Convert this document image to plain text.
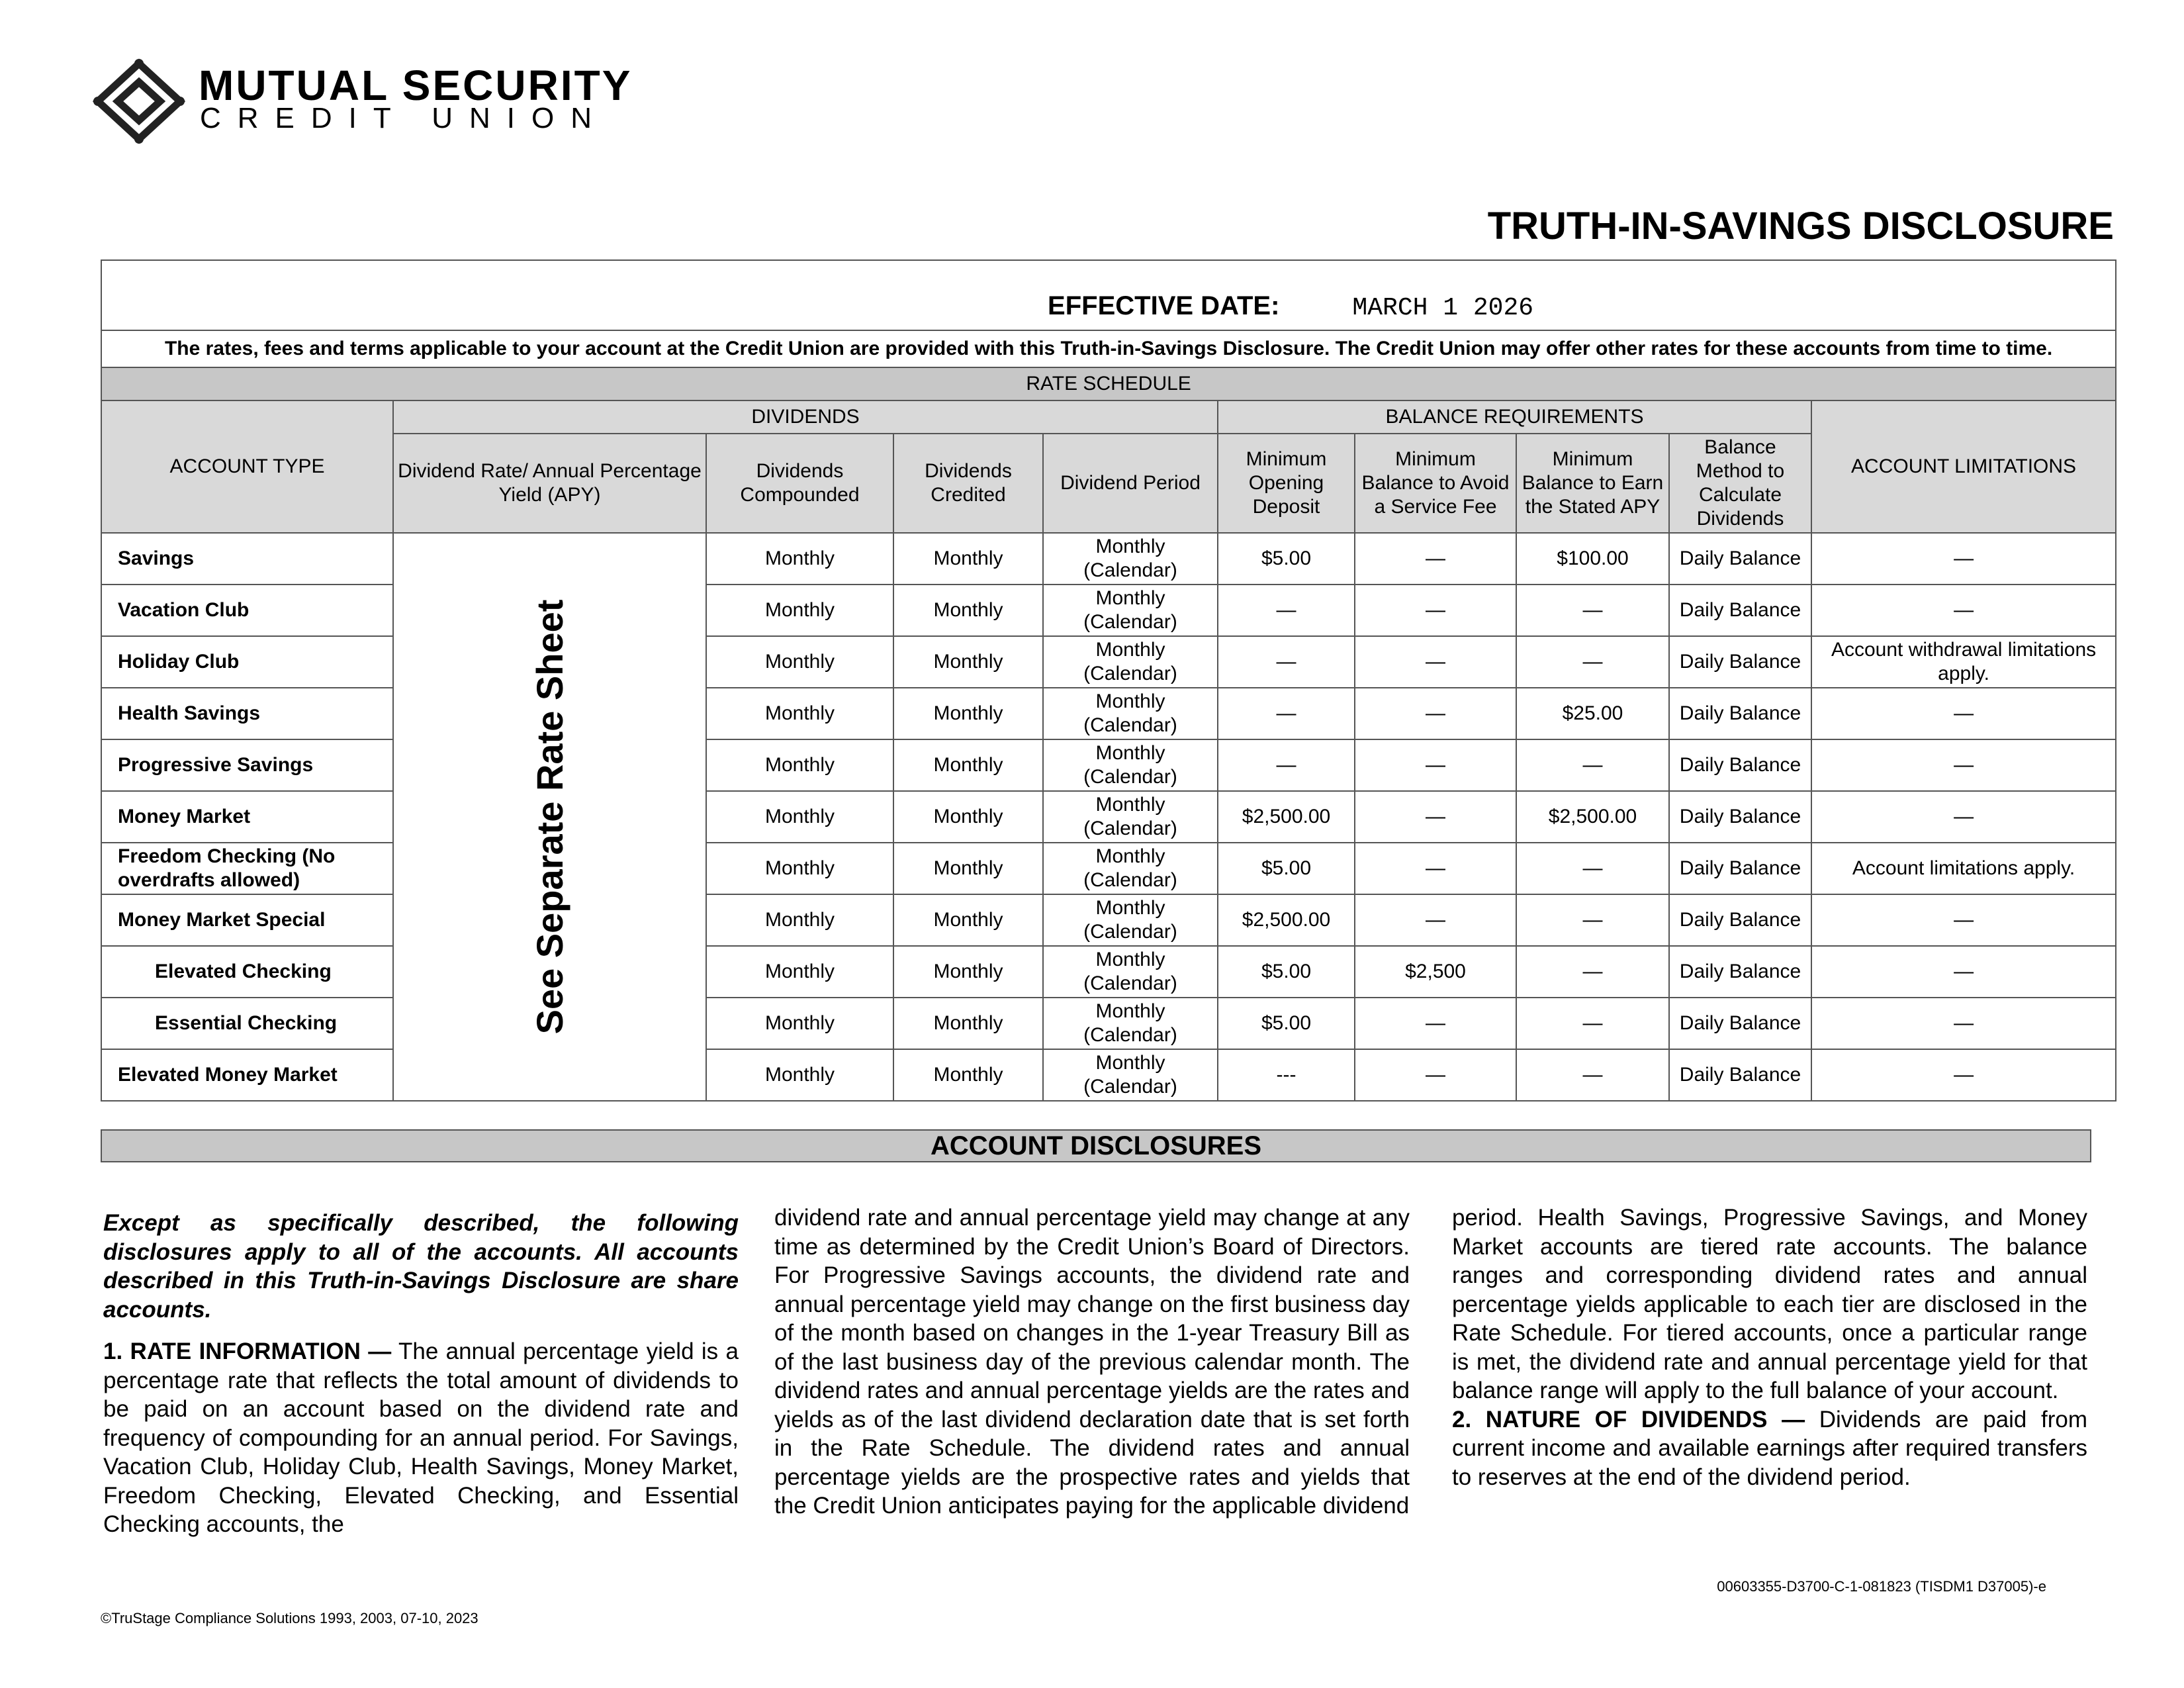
MUTUAL SECURITY
CREDIT UNION
TRUTH-IN-SAVINGS DISCLOSURE
EFFECTIVE DATE: MARCH 1 2026									

The rates, fees and terms applicable to your account at the Credit Union are provided with this Truth-in-Savings Disclosure. The Credit Union may offer other rates for these accounts from time to time.									
RATE SCHEDULE									
ACCOUNT TYPE	DIVIDENDS				BALANCE REQUIREMENTS				ACCOUNT LIMITATIONS
	Dividend Rate/ Annual Percentage Yield (APY)	Dividends Compounded	Dividends Credited	Dividend Period	Minimum Opening Deposit	Minimum Balance to Avoid a Service Fee	Minimum Balance to Earn the Stated APY	Balance Method to Calculate Dividends	
Savings	See Separate Rate Sheet	Monthly	Monthly	Monthly (Calendar)	$5.00	—	$100.00	Daily Balance	—
Vacation Club		Monthly	Monthly	Monthly (Calendar)	—	—	—	Daily Balance	—
Holiday Club		Monthly	Monthly	Monthly (Calendar)	—	—	—	Daily Balance	Account withdrawal limitations apply.
Health Savings		Monthly	Monthly	Monthly (Calendar)	—	—	$25.00	Daily Balance	—
Progressive Savings		Monthly	Monthly	Monthly (Calendar)	—	—	—	Daily Balance	—
Money Market		Monthly	Monthly	Monthly (Calendar)	$2,500.00	—	$2,500.00	Daily Balance	—
Freedom Checking (No overdrafts allowed)		Monthly	Monthly	Monthly (Calendar)	$5.00	—	—	Daily Balance	Account limitations apply.
Money Market Special		Monthly	Monthly	Monthly (Calendar)	$2,500.00	—	—	Daily Balance	—
Elevated Checking		Monthly	Monthly	Monthly (Calendar)	$5.00	$2,500	—	Daily Balance	—
Essential Checking		Monthly	Monthly	Monthly (Calendar)	$5.00	—	—	Daily Balance	—
Elevated Money Market		Monthly	Monthly	Monthly (Calendar)	---	—	—	Daily Balance	—
ACCOUNT DISCLOSURES
Except as specifically described, the following disclosures apply to all of the accounts. All accounts described in this Truth-in-Savings Disclosure are share accounts.
1. RATE INFORMATION — The annual percentage yield is a percentage rate that reflects the total amount of dividends to be paid on an account based on the dividend rate and frequency of compounding for an annual period. For Savings, Vacation Club, Holiday Club, Health Savings, Money Market, Freedom Checking, Elevated Checking, and Essential Checking accounts, the
dividend rate and annual percentage yield may change at any time as determined by the Credit Union’s Board of Directors. For Progressive Savings accounts, the dividend rate and annual percentage yield may change on the first business day of the month based on changes in the 1-year Treasury Bill as of the last business day of the previous calendar month. The dividend rates and annual percentage yields are the rates and yields as of the last dividend declaration date that is set forth in the Rate Schedule. The dividend rates and annual percentage yields are the prospective rates and yields that the Credit Union anticipates paying for the applicable dividend
period. Health Savings, Progressive Savings, and Money Market accounts are tiered rate accounts. The balance ranges and corresponding dividend rates and annual percentage yields applicable to each tier are disclosed in the Rate Schedule. For tiered accounts, once a particular range is met, the dividend rate and annual percentage yield for that balance range will apply to the full balance of your account.
2. NATURE OF DIVIDENDS — Dividends are paid from current income and available earnings after required transfers to reserves at the end of the dividend period.
00603355-D3700-C-1-081823 (TISDM1 D37005)-e
©TruStage Compliance Solutions 1993, 2003, 07-10, 2023
